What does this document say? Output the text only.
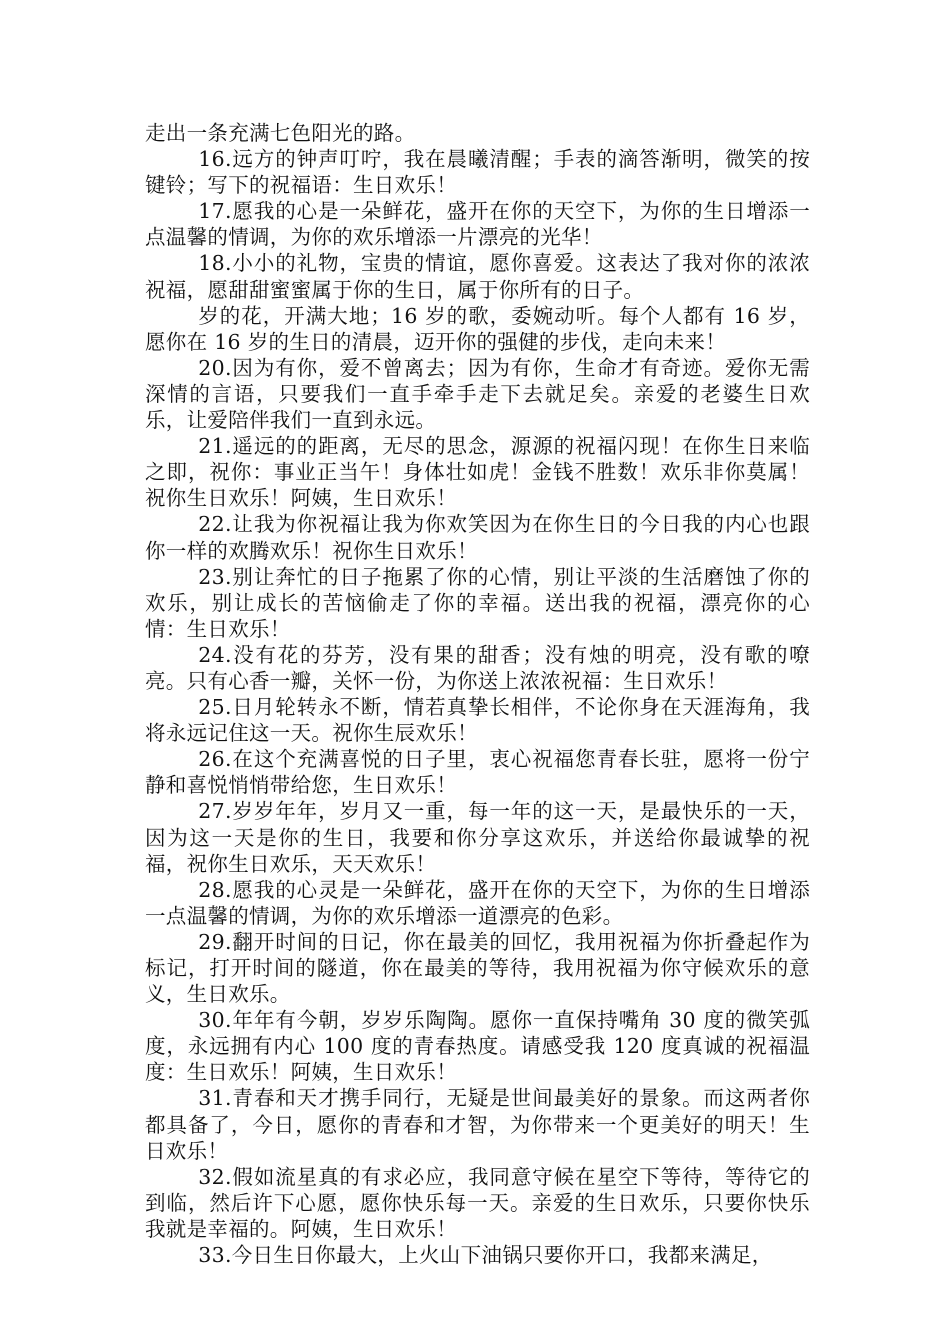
走出一条充满七色阳光的路。

16.远方的钟声叮咛，我在晨曦清醒；手表的滴答渐明，微笑的按键铃；写下的祝福语：生日欢乐！

17.愿我的心是一朵鲜花，盛开在你的天空下，为你的生日增添一点温馨的情调，为你的欢乐增添一片漂亮的光华！

18.小小的礼物，宝贵的情谊，愿你喜爱。这表达了我对你的浓浓祝福，愿甜甜蜜蜜属于你的生日，属于你所有的日子。

岁的花，开满大地；16 岁的歌，委婉动听。每个人都有 16 岁，愿你在 16 岁的生日的清晨，迈开你的强健的步伐，走向未来！

20.因为有你，爱不曾离去；因为有你，生命才有奇迹。爱你无需深情的言语，只要我们一直手牵手走下去就足矣。亲爱的老婆生日欢乐，让爱陪伴我们一直到永远。

21.遥远的的距离，无尽的思念，源源的祝福闪现！在你生日来临之即，祝你：事业正当午！身体壮如虎！金钱不胜数！欢乐非你莫属！祝你生日欢乐！阿姨，生日欢乐！

22.让我为你祝福让我为你欢笑因为在你生日的今日我的内心也跟你一样的欢腾欢乐！祝你生日欢乐！

23.别让奔忙的日子拖累了你的心情，别让平淡的生活磨蚀了你的欢乐，别让成长的苦恼偷走了你的幸福。送出我的祝福，漂亮你的心情：生日欢乐！

24.没有花的芬芳，没有果的甜香；没有烛的明亮，没有歌的嘹亮。只有心香一瓣，关怀一份，为你送上浓浓祝福：生日欢乐！

25.日月轮转永不断，情若真挚长相伴，不论你身在天涯海角，我将永远记住这一天。祝你生辰欢乐！

26.在这个充满喜悦的日子里，衷心祝福您青春长驻，愿将一份宁静和喜悦悄悄带给您，生日欢乐！

27.岁岁年年，岁月又一重，每一年的这一天，是最快乐的一天，因为这一天是你的生日，我要和你分享这欢乐，并送给你最诚挚的祝福，祝你生日欢乐，天天欢乐！

28.愿我的心灵是一朵鲜花，盛开在你的天空下，为你的生日增添一点温馨的情调，为你的欢乐增添一道漂亮的色彩。

29.翻开时间的日记，你在最美的回忆，我用祝福为你折叠起作为标记，打开时间的隧道，你在最美的等待，我用祝福为你守候欢乐的意义，生日欢乐。

30.年年有今朝，岁岁乐陶陶。愿你一直保持嘴角 30 度的微笑弧度，永远拥有内心 100 度的青春热度。请感受我 120 度真诚的祝福温度：生日欢乐！阿姨，生日欢乐！

31.青春和天才携手同行，无疑是世间最美好的景象。而这两者你都具备了，今日，愿你的青春和才智，为你带来一个更美好的明天！生日欢乐！

32.假如流星真的有求必应，我同意守候在星空下等待，等待它的到临，然后许下心愿，愿你快乐每一天。亲爱的生日欢乐，只要你快乐我就是幸福的。阿姨，生日欢乐！

33.今日生日你最大，上火山下油锅只要你开口，我都来满足，
